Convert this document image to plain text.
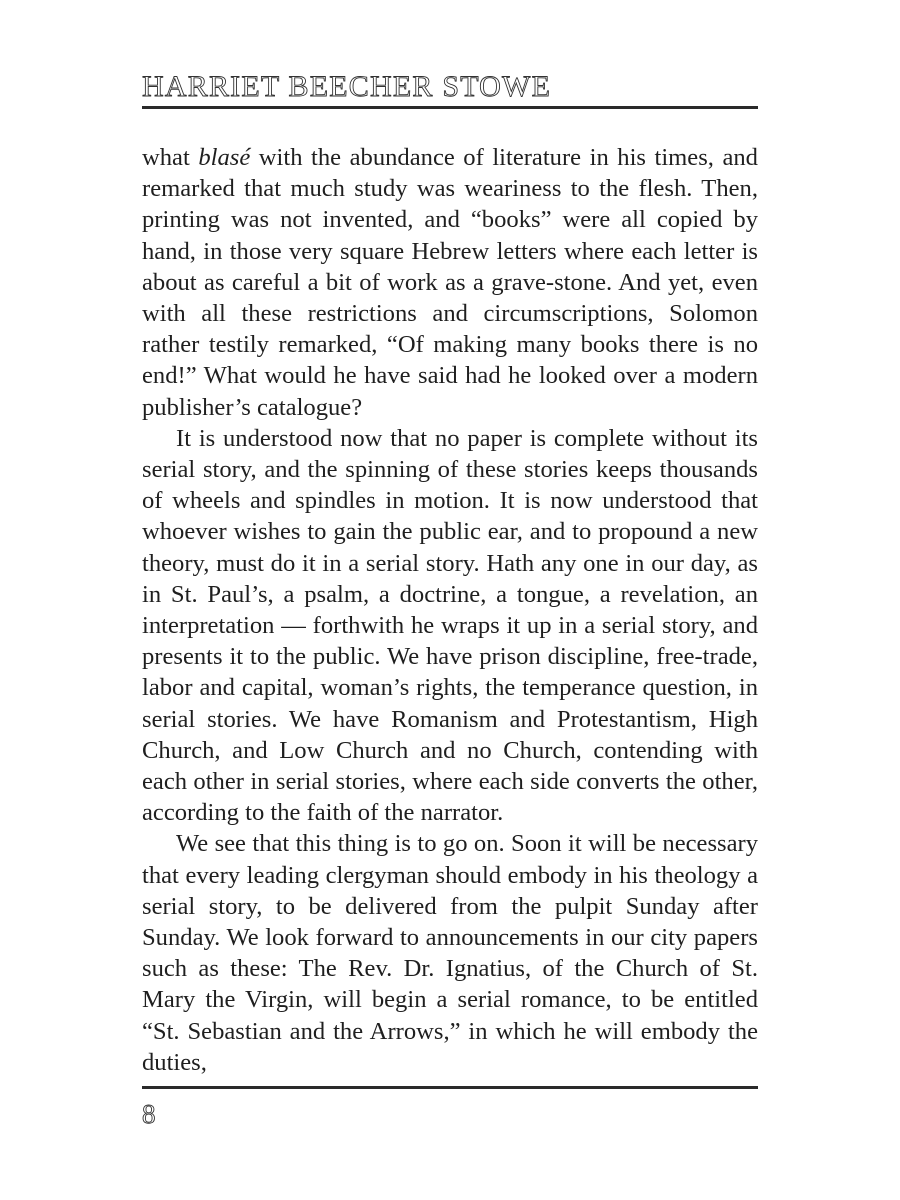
HARRIET BEECHER STOWE

what blasé with the abundance of literature in his times, and remarked that much study was weariness to the flesh. Then, printing was not invented, and “books” were all copied by hand, in those very square Hebrew letters where each letter is about as careful a bit of work as a grave-stone. And yet, even with all these restrictions and circumscriptions, Solomon rather testily remarked, “Of making many books there is no end!” What would he have said had he looked over a modern publisher’s catalogue?

It is understood now that no paper is complete without its serial story, and the spinning of these stories keeps thousands of wheels and spindles in motion. It is now understood that whoever wishes to gain the public ear, and to propound a new theory, must do it in a serial story. Hath any one in our day, as in St. Paul’s, a psalm, a doctrine, a tongue, a revelation, an interpretation — forthwith he wraps it up in a serial story, and presents it to the public. We have prison discipline, free-trade, labor and capital, woman’s rights, the temperance question, in serial stories. We have Romanism and Protestantism, High Church, and Low Church and no Church, contending with each other in serial stories, where each side converts the other, according to the faith of the narrator.

We see that this thing is to go on. Soon it will be necessary that every leading clergyman should embody in his theology a serial story, to be delivered from the pulpit Sunday after Sunday. We look forward to announcements in our city papers such as these: The Rev. Dr. Ignatius, of the Church of St. Mary the Virgin, will begin a serial romance, to be entitled “St. Sebastian and the Arrows,” in which he will embody the duties,

8
